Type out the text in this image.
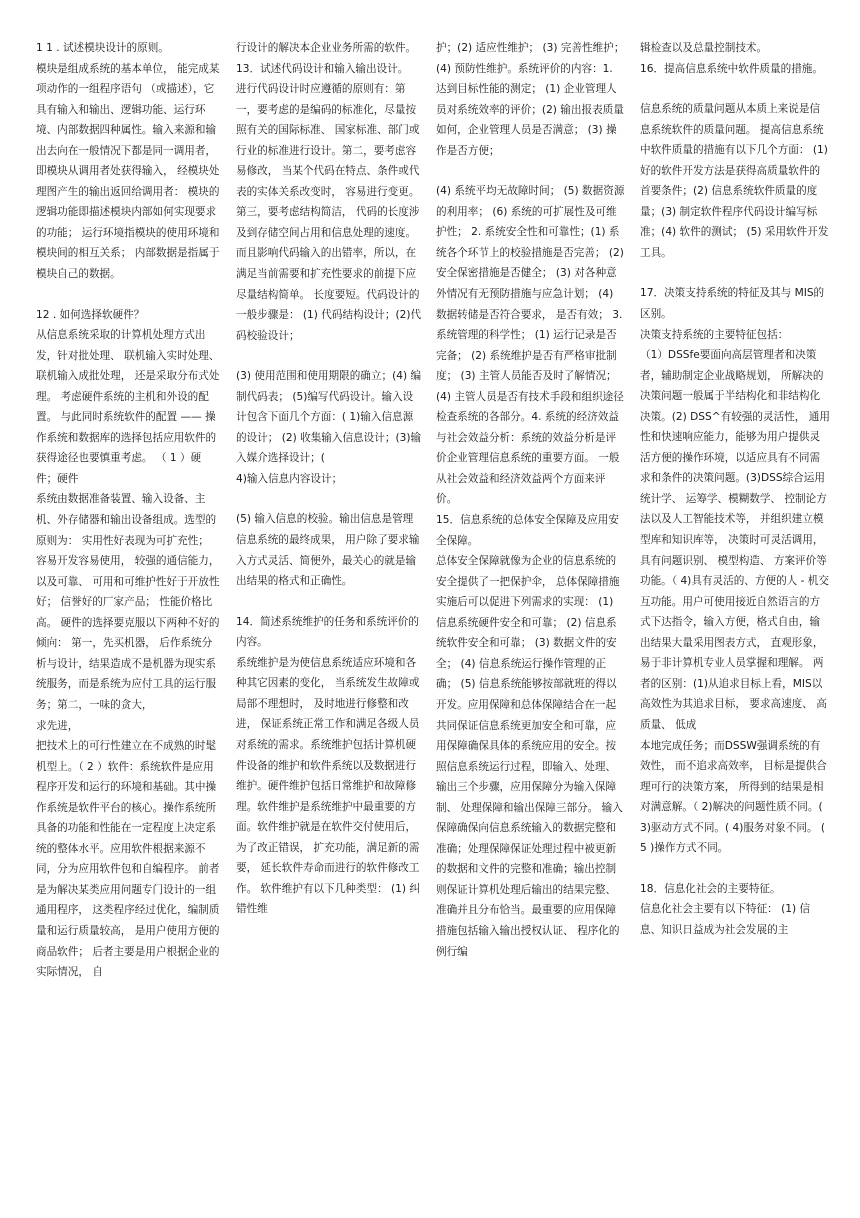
1 1 . 试述模块设计的原则。

模块是组成系统的基本单位， 能完成某项动作的一组程序语句 （或描述），它具有输入和输出、逻辑功能、运行环境、内部数据四种属性。输入来源和输出去向在一般情况下都是同一调用者， 即模块从调用者处获得输入， 经模块处理图产生的输出返回给调用者： 模块的逻辑功能即描述模块内部如何实现要求的功能； 运行环境指模块的使用环境和模块间的相互关系； 内部数据是指属于模块自己的数据。

12 . 如何选择软硬件？

从信息系统采取的计算机处理方式出发，针对批处理、 联机输入实时处理、 联机输入成批处理， 还是采取分布式处理。 考虑硬件系统的主机和外设的配置。 与此同时系统软件的配置 —— 操作系统和数据库的选择包括应用软件的获得途径也要慎重考虑。 （ 1 ）硬件；硬件

系统由数据准备装置、输入设备、主机、外存储器和输出设备组成。选型的原则为： 实用性好表现为可扩充性； 容易开发容易使用， 较强的通信能力， 以及可靠、 可用和可维护性好于开放性好； 信誉好的厂家产品； 性能价格比高。 硬件的选择要克服以下两种不好的倾向： 第一，先买机器， 后作系统分析与设计，结果造成不是机器为现实系统服务，而是系统为应付工具的运行服务；第二，一味的贪大，

求先进，

把技术上的可行性建立在不成熟的时髦机型上。（ 2 ）软件：系统软件是应用程序开发和运行的环境和基础。其中操作系统是软件平台的核心。操作系统所具备的功能和性能在一定程度上决定系统的整体水平。应用软件根据来源不同，分为应用软件包和自编程序。 前者是为解决某类应用问题专门设计的一组通用程序， 这类程序经过优化，编制质量和运行质量较高， 是用户使用方便的商品软件； 后者主要是用户根据企业的实际情况， 自

行设计的解决本企业业务所需的软件。

13．试述代码设计和输入输出设计。

进行代码设计时应遵循的原则有：第一，要考虑的是编码的标准化，尽量按照有关的国际标准、 国家标准、部门或行业的标准进行设计。第二，要考虑容易修改， 当某个代码在特点、条件或代表的实体关系改变时， 容易进行变更。 第三，要考虑结构简洁， 代码的长度涉及到存储空间占用和信息处理的速度。而且影响代码输入的出错率，所以，在满足当前需要和扩充性要求的前提下应尽量结构简单。 长度要短。代码设计的一般步骤是： (1) 代码结构设计；(2)代码校验设计；

(3) 使用范围和使用期限的确立；(4) 编制代码表； (5)编写代码设计。输入设计包含下面几个方面：( 1)输入信息源的设计； (2) 收集输入信息设计；(3)输入媒介选择设计；(

4)输入信息内容设计；

(5) 输入信息的校验。输出信息是管理信息系统的最终成果， 用户除了要求输入方式灵活、简便外，最关心的就是输出结果的格式和正确性。

14．简述系统维护的任务和系统评价的内容。

系统维护是为使信息系统适应环境和各种其它因素的变化， 当系统发生故障或局部不理想时， 及时地进行修整和改进， 保证系统正常工作和满足各级人员对系统的需求。系统维护包括计算机硬件设备的维护和软件系统以及数据进行维护。硬件维护包括日常维护和故障修理。软件维护是系统维护中最重要的方面。软件维护就是在软件交付使用后， 为了改正错误， 扩充功能，满足新的需要， 延长软件寿命而进行的软件修改工作。 软件维护有以下几种类型： (1) 纠错性维

护；(2) 适应性维护； (3) 完善性维护； (4) 预防性维护。系统评价的内容：1. 达到目标性能的测定； (1) 企业管理人员对系统效率的评价；(2) 输出报表质量如何，企业管理人员是否满意； (3) 操作是否方便；

(4) 系统平均无故障时间； (5) 数据资源的利用率； (6) 系统的可扩展性及可维护性； 2. 系统安全性和可靠性；(1) 系统各个环节上的校验措施是否完善； (2) 安全保密措施是否健全； (3) 对各种意外情况有无预防措施与应急计划； (4) 数据转储是否符合要求， 是否有效； 3. 系统管理的科学性； (1) 运行记录是否完备； (2) 系统维护是否有严格审批制度； (3) 主管人员能否及时了解情况； (4) 主管人员是否有技术手段和组织途径检查系统的各部分。4. 系统的经济效益与社会效益分析：系统的效益分析是评价企业管理信息系统的重要方面。 一般从社会效益和经济效益两个方面来评价。

15．信息系统的总体安全保障及应用安全保障。

总体安全保障就像为企业的信息系统的安全提供了一把保护伞， 总体保障措施实施后可以促进下列需求的实现： (1) 信息系统硬件安全和可靠； (2) 信息系统软件安全和可靠； (3) 数据文件的安全； (4) 信息系统运行操作管理的正确； (5) 信息系统能够按部就班的得以开发。应用保障和总体保障结合在一起共同保证信息系统更加安全和可靠，应用保障确保具体的系统应用的安全。按照信息系统运行过程，即输入、处理、输出三个步骤，应用保障分为输入保障制、 处理保障和输出保障三部分。 输入保障确保向信息系统输入的数据完整和准确；处理保障保证处理过程中被更新的数据和文件的完整和准确；输出控制则保证计算机处理后输出的结果完整、准确并且分布恰当。最重要的应用保障措施包括输入输出授权认证、 程序化的例行编

辑检查以及总量控制技术。

16．提高信息系统中软件质量的措施。

信息系统的质量问题从本质上来说是信息系统软件的质量问题。 提高信息系统中软件质量的措施有以下几个方面： (1) 好的软件开发方法是获得高质量软件的首要条件；(2) 信息系统软件质量的度量；(3) 制定软件程序代码设计编写标准；(4) 软件的测试； (5) 采用软件开发工具。

17．决策支持系统的特征及其与 MIS的区别。

决策支持系统的主要特征包括：

（1）DSSfe要面向高层管理者和决策者，辅助制定企业战略规划， 所解决的决策问题一般属于半结构化和非结构化决策。(2) DSS^有较强的灵活性， 通用性和快速响应能力，能够为用户提供灵活方便的操作环境，以适应具有不同需求和条件的决策问题。(3)DSS综合运用统计学、 运筹学、模糊数学、 控制论方法以及人工智能技术等， 并组织建立模型库和知识库等， 决策时可灵活调用， 具有问题识别、 模型构造、 方案评价等功能。（ 4)具有灵活的、方便的人 - 机交互功能。用户可使用接近自然语言的方式下达指令，输入方便，格式自由，输出结果大量采用图表方式， 直观形象，易于非计算机专业人员掌握和理解。 两者的区别：(1)从追求目标上看，MIS以高效性为其追求目标， 要求高速度、 高质量、 低成

本地完成任务；而DSSW强调系统的有效性， 而不追求高效率， 目标是提供合理可行的决策方案， 所得到的结果是相对满意解。（ 2)解决的问题性质不同。( 3)驱动方式不同。( 4)服务对象不同。 ( 5 )操作方式不同。

18．信息化社会的主要特征。

信息化社会主要有以下特征： (1) 信息、知识日益成为社会发展的主
